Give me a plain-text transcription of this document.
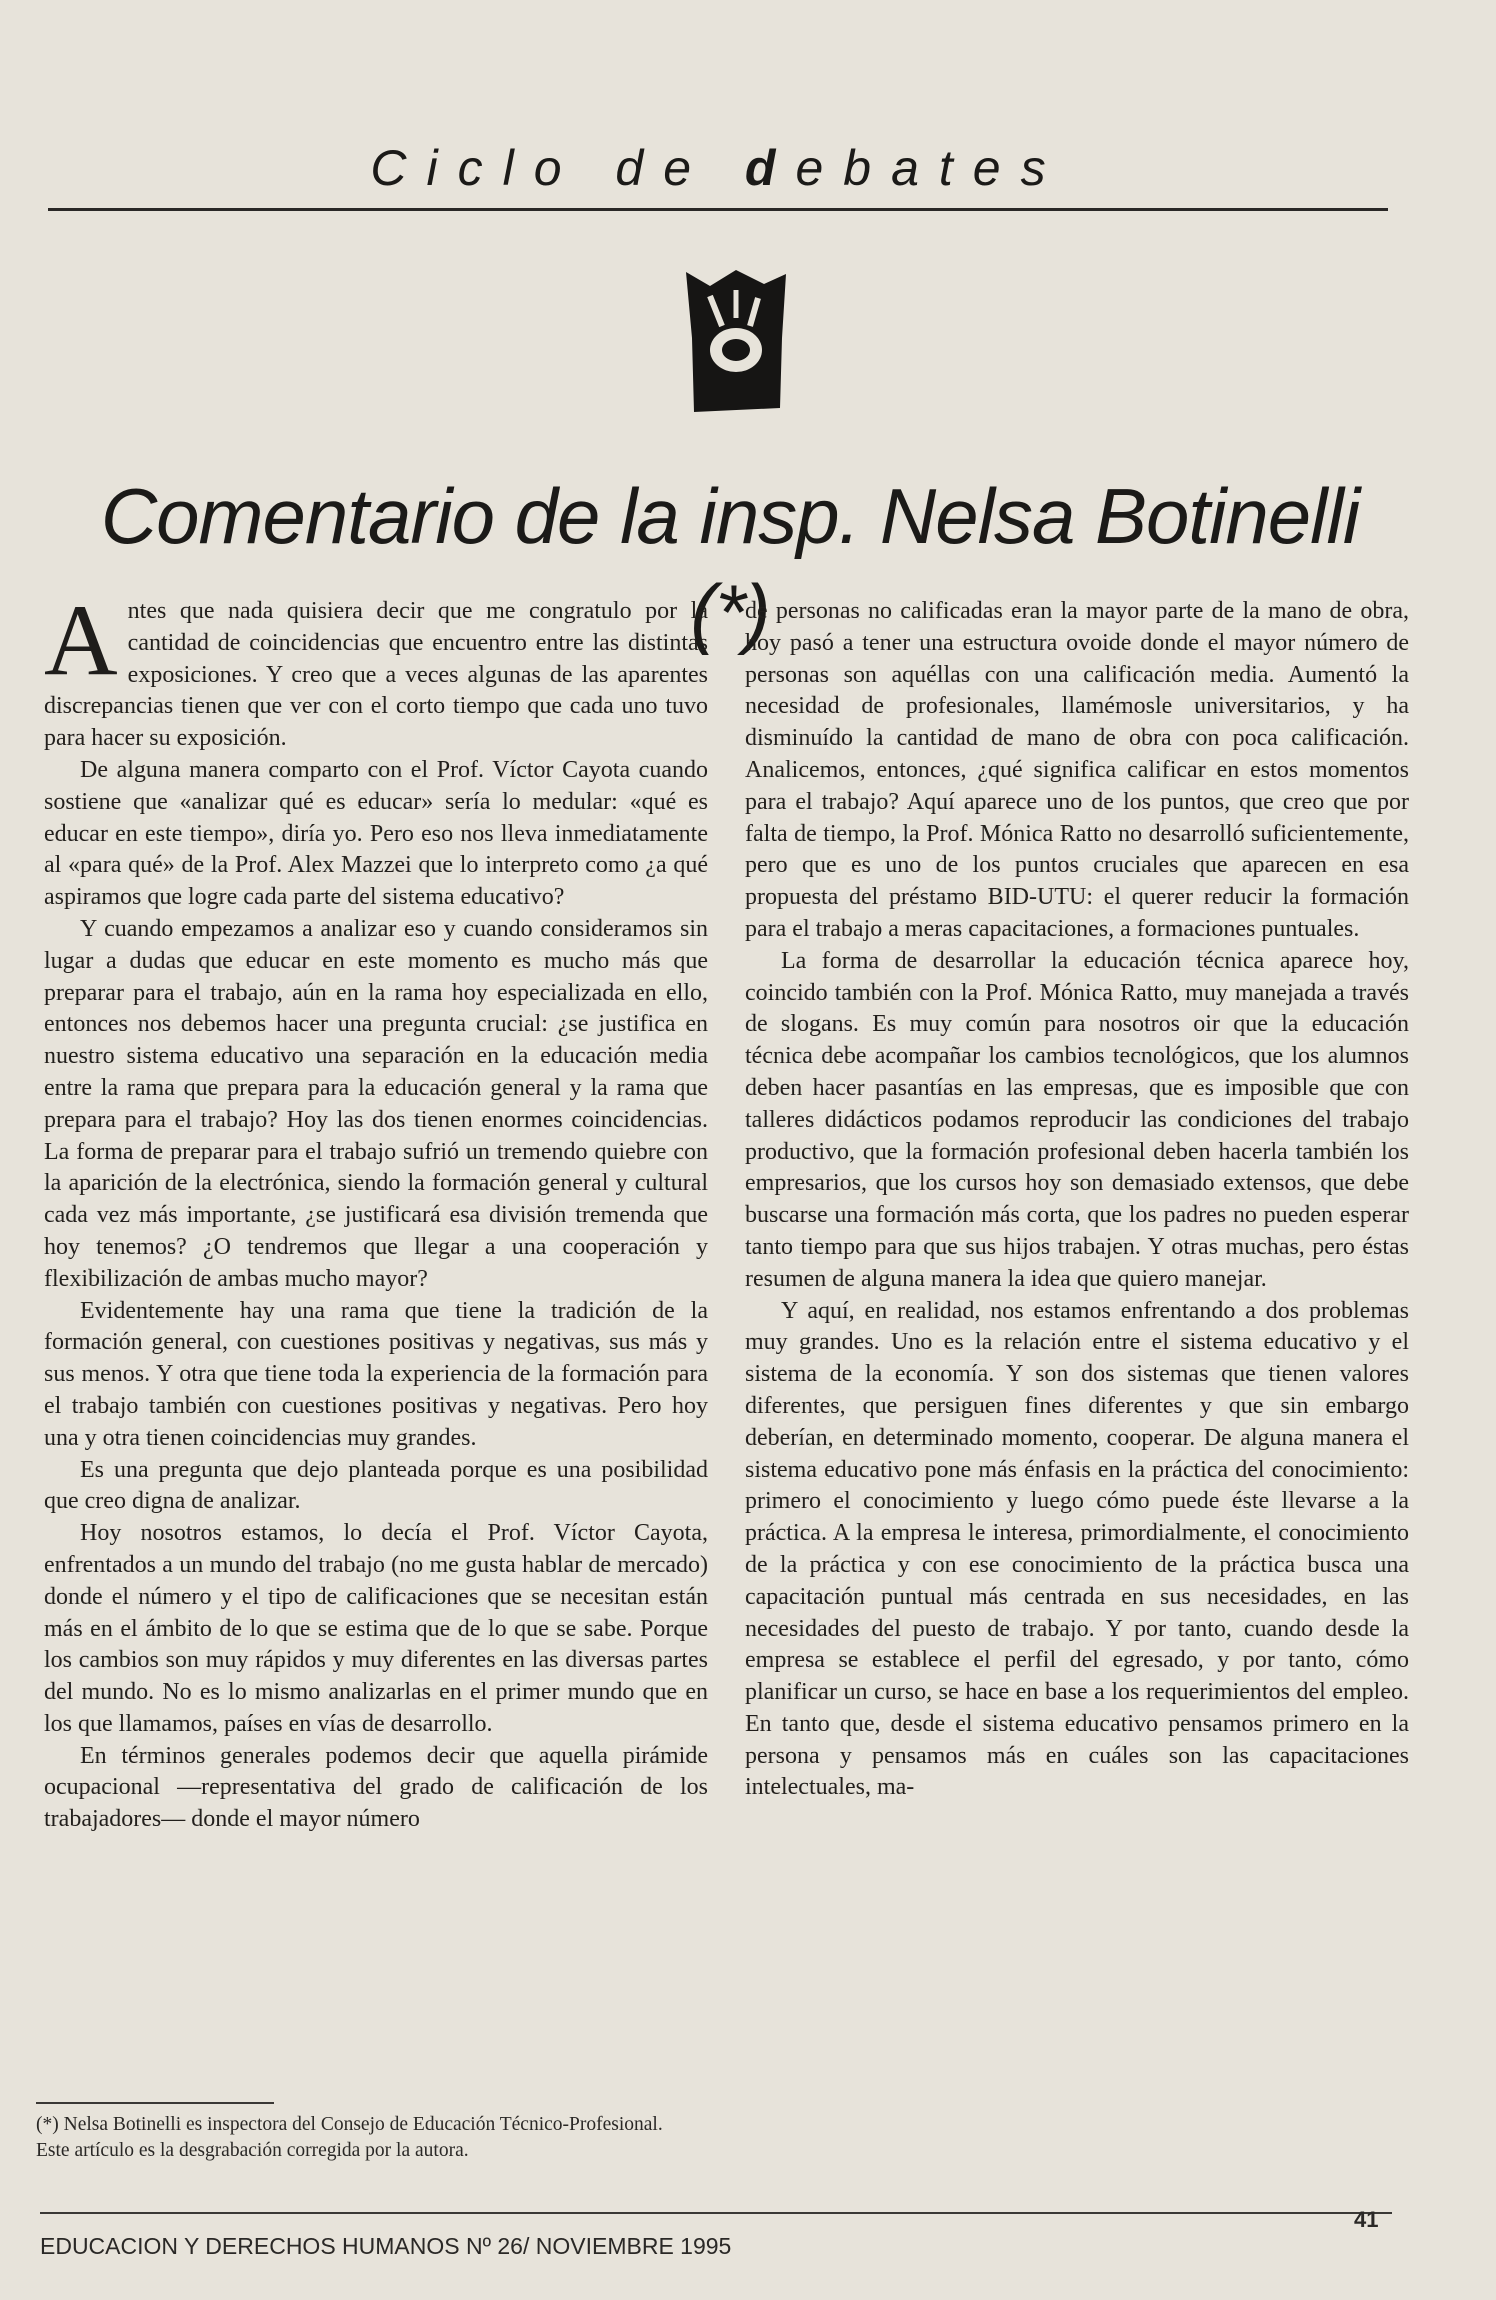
Ciclo de debates
Comentario de la insp. Nelsa Botinelli (*)

Antes que nada quisiera decir que me congratulo por la cantidad de coincidencias que encuentro entre las distintas exposiciones. Y creo que a veces algunas de las aparentes discrepancias tienen que ver con el corto tiempo que cada uno tuvo para hacer su exposición.

De alguna manera comparto con el Prof. Víctor Cayota cuando sostiene que «analizar qué es educar» sería lo medular: «qué es educar en este tiempo», diría yo. Pero eso nos lleva inmediatamente al «para qué» de la Prof. Alex Mazzei que lo interpreto como ¿a qué aspiramos que logre cada parte del sistema educativo?

Y cuando empezamos a analizar eso y cuando consideramos sin lugar a dudas que educar en este momento es mucho más que preparar para el trabajo, aún en la rama hoy especializada en ello, entonces nos debemos hacer una pregunta crucial: ¿se justifica en nuestro sistema educativo una separación en la educación media entre la rama que prepara para la educación general y la rama que prepara para el trabajo? Hoy las dos tienen enormes coincidencias. La forma de preparar para el trabajo sufrió un tremendo quiebre con la aparición de la electrónica, siendo la formación general y cultural cada vez más importante, ¿se justificará esa división tremenda que hoy tenemos? ¿O tendremos que llegar a una cooperación y flexibilización de ambas mucho mayor?

Evidentemente hay una rama que tiene la tradición de la formación general, con cuestiones positivas y negativas, sus más y sus menos. Y otra que tiene toda la experiencia de la formación para el trabajo también con cuestiones positivas y negativas. Pero hoy una y otra tienen coincidencias muy grandes.

Es una pregunta que dejo planteada porque es una posibilidad que creo digna de analizar.

Hoy nosotros estamos, lo decía el Prof. Víctor Cayota, enfrentados a un mundo del trabajo (no me gusta hablar de mercado) donde el número y el tipo de calificaciones que se necesitan están más en el ámbito de lo que se estima que de lo que se sabe. Porque los cambios son muy rápidos y muy diferentes en las diversas partes del mundo. No es lo mismo analizarlas en el primer mundo que en los que llamamos, países en vías de desarrollo.

En términos generales podemos decir que aquella pirámide ocupacional —representativa del grado de calificación de los trabajadores— donde el mayor número

de personas no calificadas eran la mayor parte de la mano de obra, hoy pasó a tener una estructura ovoide donde el mayor número de personas son aquéllas con una calificación media. Aumentó la necesidad de profesionales, llamémosle universitarios, y ha disminuído la cantidad de mano de obra con poca calificación. Analicemos, entonces, ¿qué significa calificar en estos momentos para el trabajo? Aquí aparece uno de los puntos, que creo que por falta de tiempo, la Prof. Mónica Ratto no desarrolló suficientemente, pero que es uno de los puntos cruciales que aparecen en esa propuesta del préstamo BID-UTU: el querer reducir la formación para el trabajo a meras capacitaciones, a formaciones puntuales.

La forma de desarrollar la educación técnica aparece hoy, coincido también con la Prof. Mónica Ratto, muy manejada a través de slogans. Es muy común para nosotros oir que la educación técnica debe acompañar los cambios tecnológicos, que los alumnos deben hacer pasantías en las empresas, que es imposible que con talleres didácticos podamos reproducir las condiciones del trabajo productivo, que la formación profesional deben hacerla también los empresarios, que los cursos hoy son demasiado extensos, que debe buscarse una formación más corta, que los padres no pueden esperar tanto tiempo para que sus hijos trabajen. Y otras muchas, pero éstas resumen de alguna manera la idea que quiero manejar.

Y aquí, en realidad, nos estamos enfrentando a dos problemas muy grandes. Uno es la relación entre el sistema educativo y el sistema de la economía. Y son dos sistemas que tienen valores diferentes, que persiguen fines diferentes y que sin embargo deberían, en determinado momento, cooperar. De alguna manera el sistema educativo pone más énfasis en la práctica del conocimiento: primero el conocimiento y luego cómo puede éste llevarse a la práctica. A la empresa le interesa, primordialmente, el conocimiento de la práctica y con ese conocimiento de la práctica busca una capacitación puntual más centrada en sus necesidades, en las necesidades del puesto de trabajo. Y por tanto, cuando desde la empresa se establece el perfil del egresado, y por tanto, cómo planificar un curso, se hace en base a los requerimientos del empleo. En tanto que, desde el sistema educativo pensamos primero en la persona y pensamos más en cuáles son las capacitaciones intelectuales, ma-

(*) Nelsa Botinelli es inspectora del Consejo de Educación Técnico-Profesional.
Este artículo es la desgrabación corregida por la autora.
EDUCACION Y DERECHOS HUMANOS Nº 26/ NOVIEMBRE 1995
41
